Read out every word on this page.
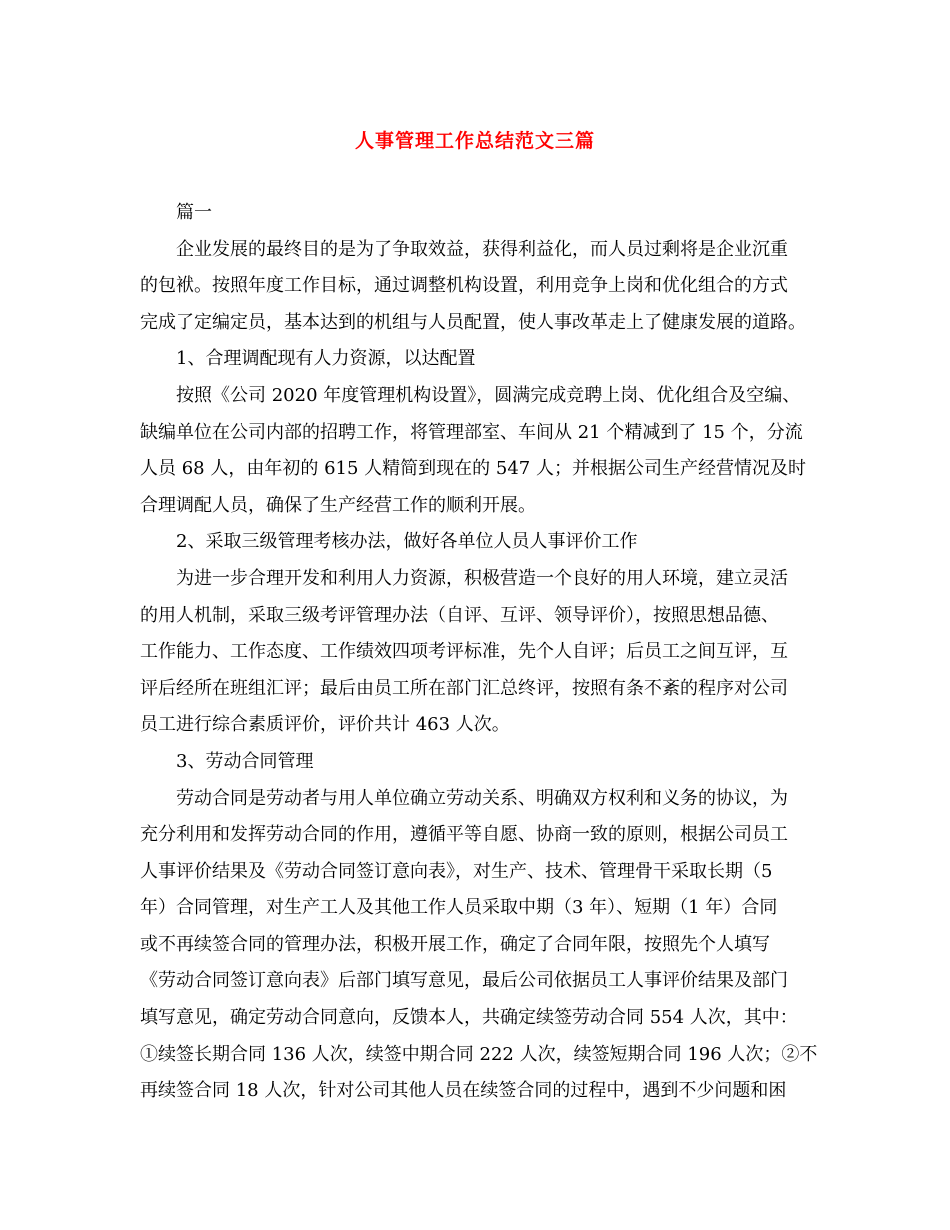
人事管理工作总结范文三篇
篇一
企业发展的最终目的是为了争取效益，获得利益化，而人员过剩将是企业沉重
的包袱。按照年度工作目标，通过调整机构设置，利用竞争上岗和优化组合的方式
完成了定编定员，基本达到的机组与人员配置，使人事改革走上了健康发展的道路。
1、合理调配现有人力资源，以达配置
按照《公司 2020 年度管理机构设置》，圆满完成竞聘上岗、优化组合及空编、
缺编单位在公司内部的招聘工作，将管理部室、车间从 21 个精减到了 15 个，分流
人员 68 人，由年初的 615 人精简到现在的 547 人；并根据公司生产经营情况及时
合理调配人员，确保了生产经营工作的顺利开展。
2、采取三级管理考核办法，做好各单位人员人事评价工作
为进一步合理开发和利用人力资源，积极营造一个良好的用人环境，建立灵活
的用人机制，采取三级考评管理办法（自评、互评、领导评价），按照思想品德、
工作能力、工作态度、工作绩效四项考评标准，先个人自评；后员工之间互评，互
评后经所在班组汇评；最后由员工所在部门汇总终评，按照有条不紊的程序对公司
员工进行综合素质评价，评价共计 463 人次。
3、劳动合同管理
劳动合同是劳动者与用人单位确立劳动关系、明确双方权利和义务的协议，为
充分利用和发挥劳动合同的作用，遵循平等自愿、协商一致的原则，根据公司员工
人事评价结果及《劳动合同签订意向表》，对生产、技术、管理骨干采取长期（5
年）合同管理，对生产工人及其他工作人员采取中期（3 年）、短期（1 年）合同
或不再续签合同的管理办法，积极开展工作，确定了合同年限，按照先个人填写
《劳动合同签订意向表》后部门填写意见，最后公司依据员工人事评价结果及部门
填写意见，确定劳动合同意向，反馈本人，共确定续签劳动合同 554 人次，其中：
①续签长期合同 136 人次，续签中期合同 222 人次，续签短期合同 196 人次；②不
再续签合同 18 人次，针对公司其他人员在续签合同的过程中，遇到不少问题和困
